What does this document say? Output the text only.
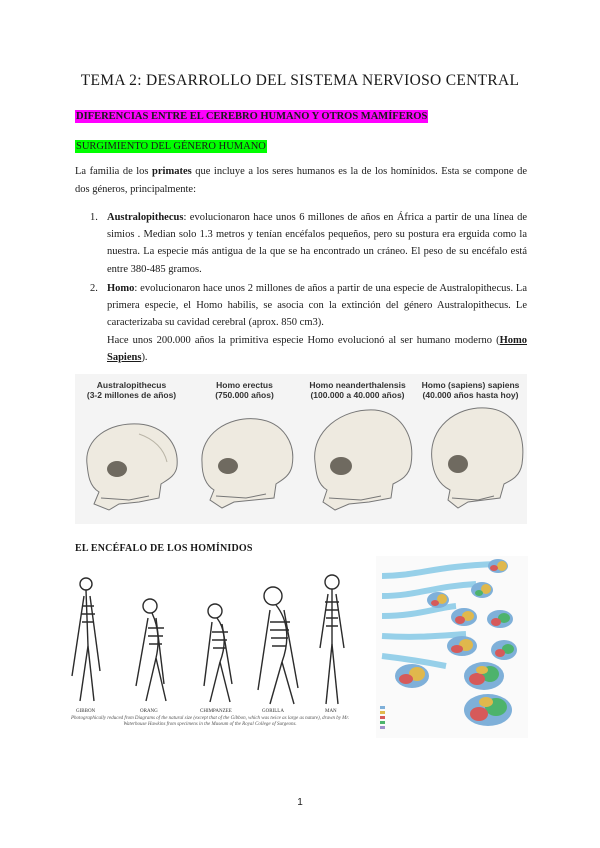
TEMA 2: DESARROLLO DEL SISTEMA NERVIOSO CENTRAL
DIFERENCIAS ENTRE EL CEREBRO HUMANO Y OTROS MAMÍFEROS
SURGIMIENTO DEL GÉNERO HUMANO
La familia de los primates que incluye a los seres humanos es la de los homínidos. Esta se compone de dos géneros, principalmente:
1. Australopithecus: evolucionaron hace unos 6 millones de años en África a partir de una línea de simios . Median solo 1.3 metros y tenían encéfalos pequeños, pero su postura era erguida como la nuestra. La especie más antigua de la que se ha encontrado un cráneo. El peso de su encéfalo está entre 380-485 gramos.
2. Homo: evolucionaron hace unos 2 millones de años a partir de una especie de Australopithecus. La primera especie, el Homo habilis, se asocia con la extinción del género Australopithecus. Le caracterizaba su cavidad cerebral (aprox. 850 cm3).
Hace unos 200.000 años la primitiva especie Homo evolucionó al ser humano moderno (Homo Sapiens).
Australopithecus
(3-2 millones de años)
Homo erectus
(750.000 años)
Homo neanderthalensis
(100.000 a 40.000 años)
Homo (sapiens) sapiens
(40.000 años hasta hoy)
EL ENCÉFALO DE LOS HOMÍNIDOS
GIBBON	ORANG	CHIMPANZEE	GORILLA	MAN
Photographically reduced from Diagrams of the natural size (except that of the Gibbon, which was twice as large as nature), drawn by Mr. Waterhouse Hawkins from specimens in the Museum of the Royal College of Surgeons.
1
